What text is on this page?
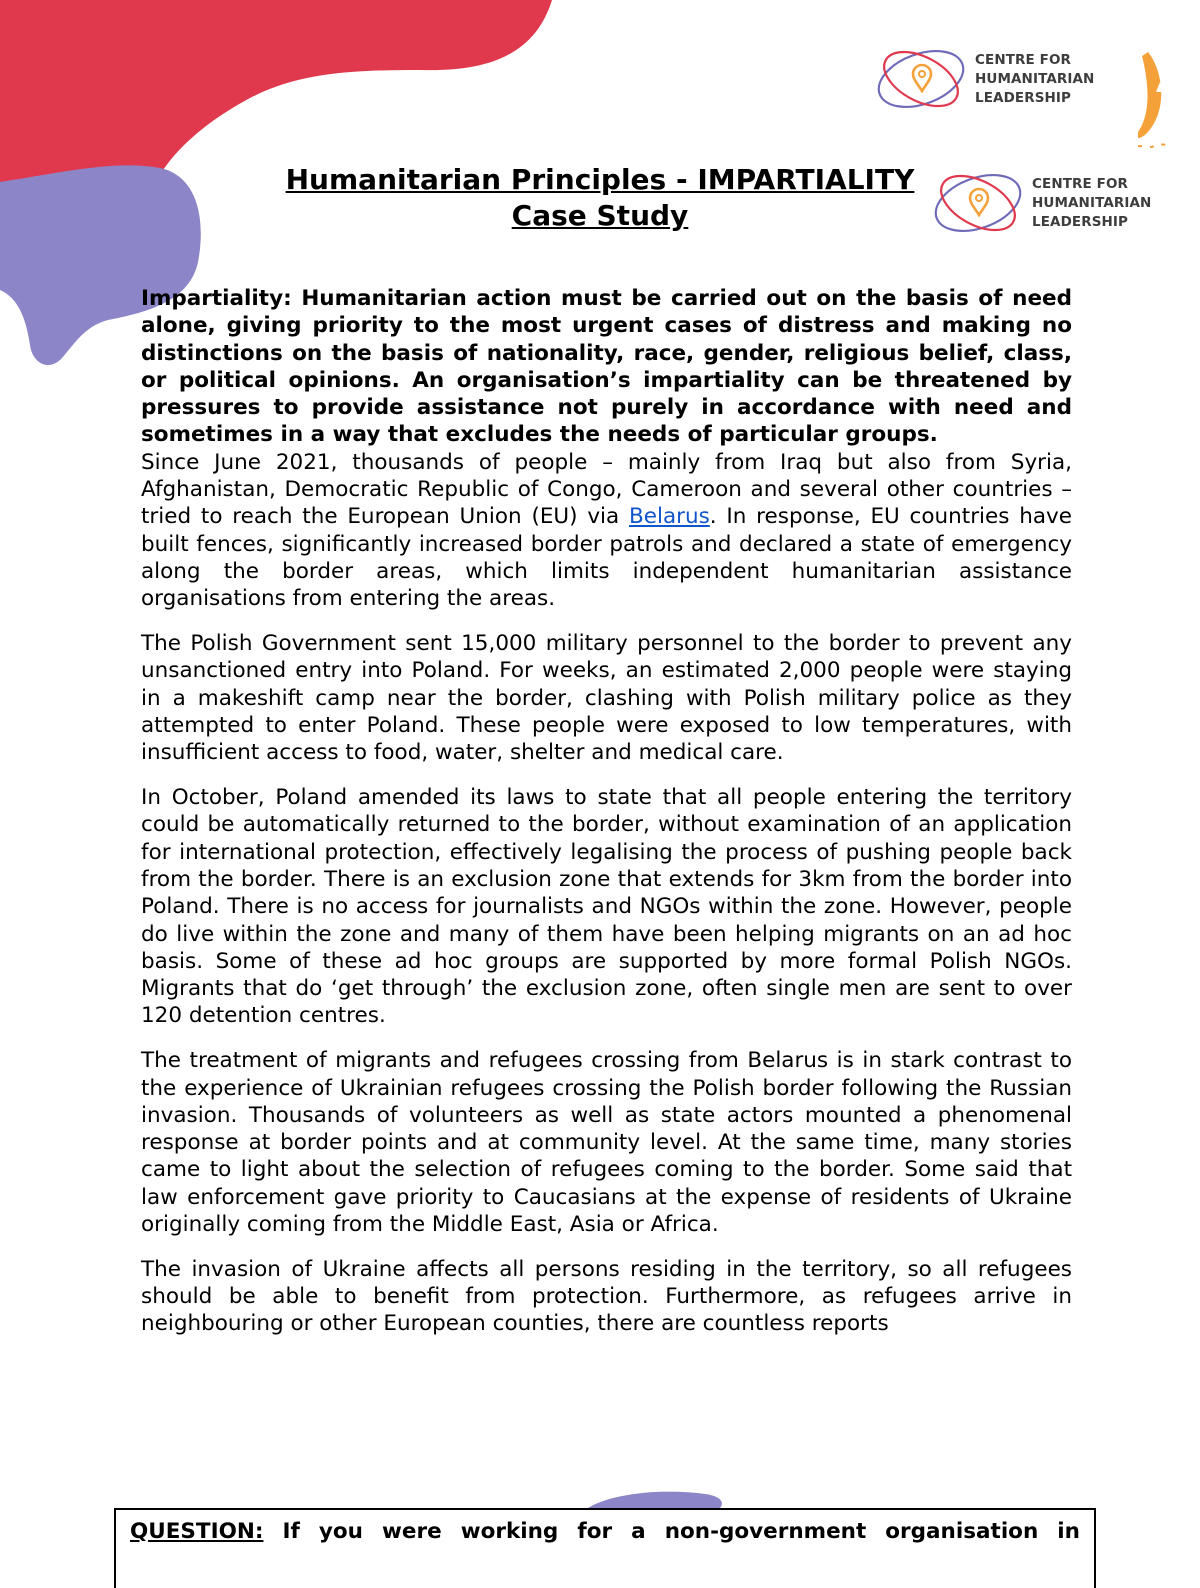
CENTRE FOR
HUMANITARIAN
LEADERSHIP
CENTRE FOR
HUMANITARIAN
LEADERSHIP
Humanitarian Principles - IMPARTIALITY
Case Study

Impartiality: Humanitarian action must be carried out on the basis of need alone, giving priority to the most urgent cases of distress and making no distinctions on the basis of nationality, race, gender, religious belief, class, or political opinions. An organisation’s impartiality can be threatened by pressures to provide assistance not purely in accordance with need and sometimes in a way that excludes the needs of particular groups.

Since June 2021, thousands of people – mainly from Iraq but also from Syria, Afghanistan, Democratic Republic of Congo, Cameroon and several other countries – tried to reach the European Union (EU) via Belarus. In response, EU countries have built fences, significantly increased border patrols and declared a state of emergency along the border areas, which limits independent humanitarian assistance organisations from entering the areas.

The Polish Government sent 15,000 military personnel to the border to prevent any unsanctioned entry into Poland. For weeks, an estimated 2,000 people were staying in a makeshift camp near the border, clashing with Polish military police as they attempted to enter Poland. These people were exposed to low temperatures, with insufficient access to food, water, shelter and medical care.

In October, Poland amended its laws to state that all people entering the territory could be automatically returned to the border, without examination of an application for international protection, effectively legalising the process of pushing people back from the border. There is an exclusion zone that extends for 3km from the border into Poland. There is no access for journalists and NGOs within the zone. However, people do live within the zone and many of them have been helping migrants on an ad hoc basis. Some of these ad hoc groups are supported by more formal Polish NGOs. Migrants that do ‘get through’ the exclusion zone, often single men are sent to over 120 detention centres.

The treatment of migrants and refugees crossing from Belarus is in stark contrast to the experience of Ukrainian refugees crossing the Polish border following the Russian invasion. Thousands of volunteers as well as state actors mounted a phenomenal response at border points and at community level. At the same time, many stories came to light about the selection of refugees coming to the border. Some said that law enforcement gave priority to Caucasians at the expense of residents of Ukraine originally coming from the Middle East, Asia or Africa.

The invasion of Ukraine affects all persons residing in the territory, so all refugees should be able to benefit from protection. Furthermore, as refugees arrive in neighbouring or other European counties, there are countless reports

QUESTION: If you were working for a non-government organisation in
